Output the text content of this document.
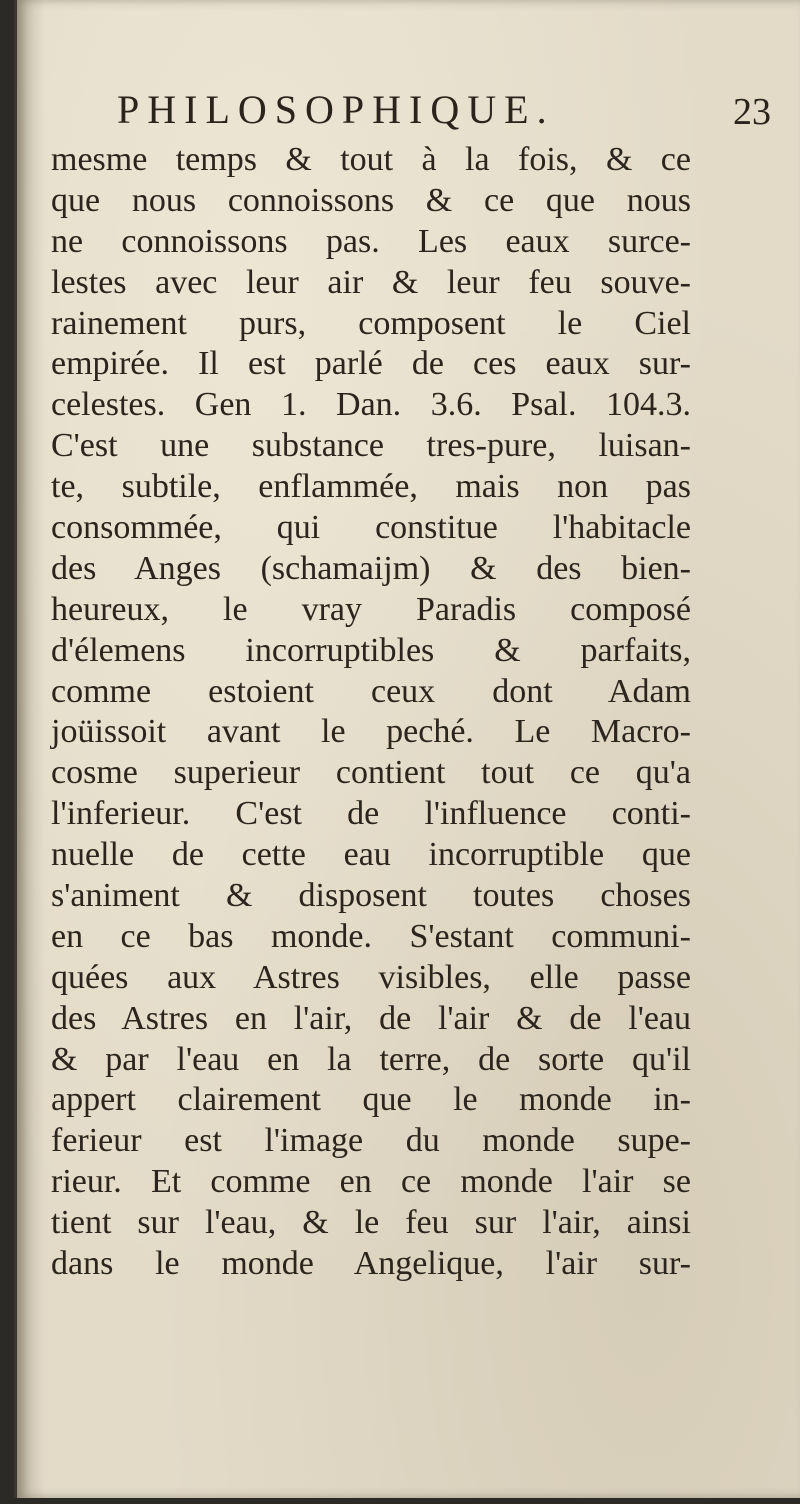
PHILOSOPHIQUE.	23
mesme temps & tout à la fois, & ce
que nous connoissons & ce que nous
ne connoissons pas. Les eaux surce-
lestes avec leur air & leur feu souve-
rainement purs, composent le Ciel
empirée. Il est parlé de ces eaux sur-
celestes. Gen 1. Dan. 3.6. Psal. 104.3.
C'est une substance tres-pure, luisan-
te, subtile, enflammée, mais non pas
consommée, qui constitue l'habitacle
des Anges (schamaijm) & des bien-
heureux, le vray Paradis composé
d'élemens incorruptibles & parfaits,
comme estoient ceux dont Adam
joüissoit avant le peché. Le Macro-
cosme superieur contient tout ce qu'a
l'inferieur. C'est de l'influence conti-
nuelle de cette eau incorruptible que
s'animent & disposent toutes choses
en ce bas monde. S'estant communi-
quées aux Astres visibles, elle passe
des Astres en l'air, de l'air & de l'eau
& par l'eau en la terre, de sorte qu'il
appert clairement que le monde in-
ferieur est l'image du monde supe-
rieur. Et comme en ce monde l'air se
tient sur l'eau, & le feu sur l'air, ainsi
dans le monde Angelique, l'air sur-
